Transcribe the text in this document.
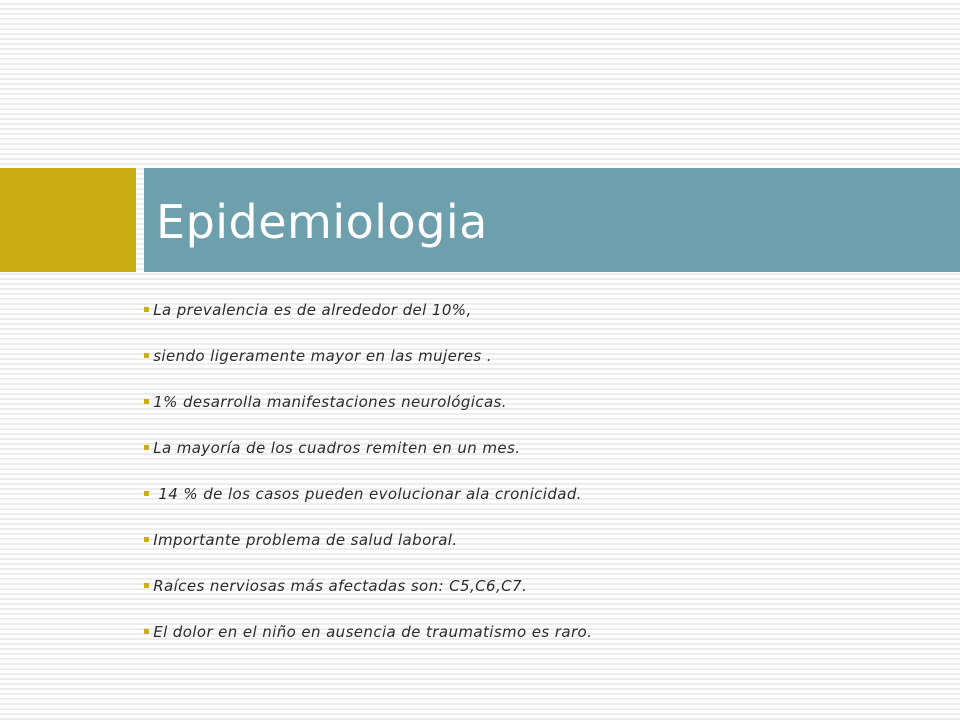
Epidemiologia
▪ La prevalencia es de alrededor del 10%,
▪ siendo ligeramente mayor en las mujeres .
▪ 1% desarrolla manifestaciones neurológicas.
▪ La mayoría de los cuadros remiten en un mes.
▪ 14 % de los casos pueden evolucionar ala cronicidad.
▪ Importante problema de salud laboral.
▪ Raíces nerviosas más afectadas son: C5,C6,C7.
▪ El dolor en el niño en ausencia de traumatismo es raro.
